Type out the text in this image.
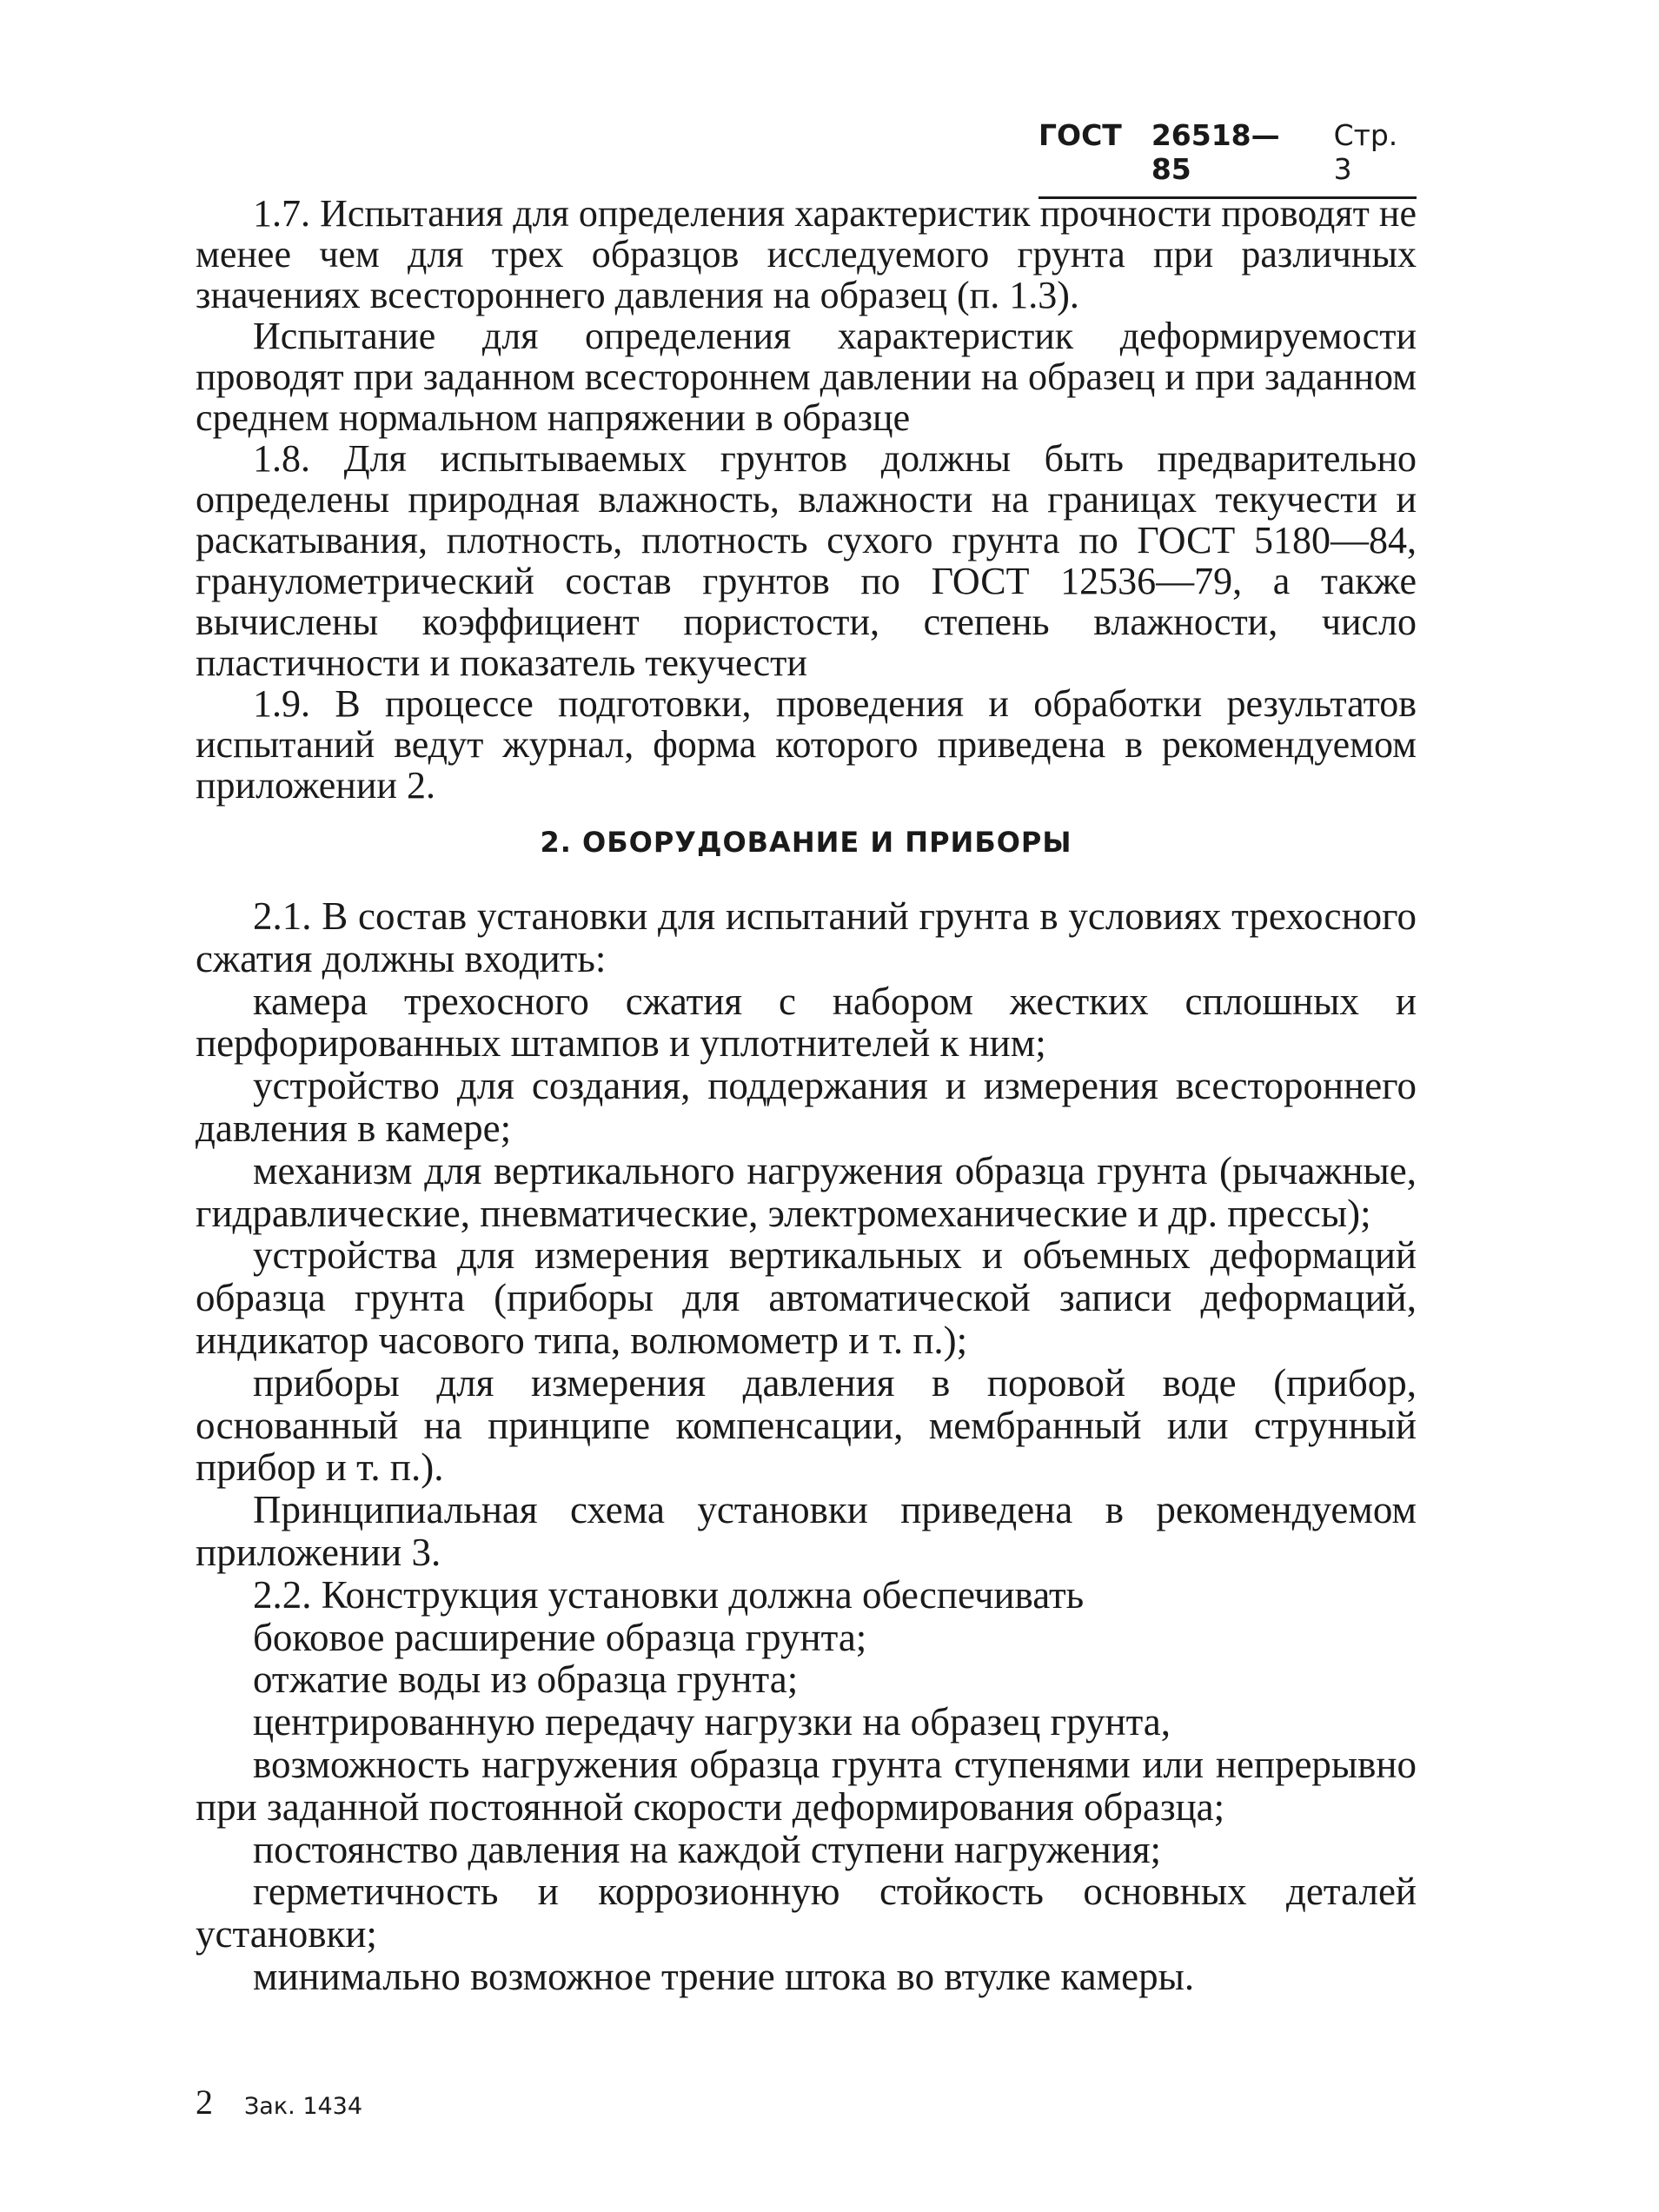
ГОСТ 26518—85
Стр. 3

1.7. Испытания для определения характеристик прочности проводят не менее чем для трех образцов исследуемого грунта при различных значениях всестороннего давления на образец (п. 1.3).

Испытание для определения характеристик деформируемости проводят при заданном всестороннем давлении на образец и при заданном среднем нормальном напряжении в образце

1.8. Для испытываемых грунтов должны быть предварительно определены природная влажность, влажности на границах текучести и раскатывания, плотность, плотность сухого грунта по ГОСТ 5180—84, гранулометрический состав грунтов по ГОСТ 12536—79, а также вычислены коэффициент пористости, степень влажности, число пластичности и показатель текучести

1.9. В процессе подготовки, проведения и обработки результатов испытаний ведут журнал, форма которого приведена в рекомендуемом приложении 2.

2. ОБОРУДОВАНИЕ И ПРИБОРЫ

2.1. В состав установки для испытаний грунта в условиях трехосного сжатия должны входить:

камера трехосного сжатия с набором жестких сплошных и перфорированных штампов и уплотнителей к ним;

устройство для создания, поддержания и измерения всестороннего давления в камере;

механизм для вертикального нагружения образца грунта (рычажные, гидравлические, пневматические, электромеханические и др. прессы);

устройства для измерения вертикальных и объемных деформаций образца грунта (приборы для автоматической записи деформаций, индикатор часового типа, волюмометр и т. п.);

приборы для измерения давления в поровой воде (прибор, основанный на принципе компенсации, мембранный или струнный прибор и т. п.).

Принципиальная схема установки приведена в рекомендуемом приложении 3.

2.2. Конструкция установки должна обеспечивать

боковое расширение образца грунта;

отжатие воды из образца грунта;

центрированную передачу нагрузки на образец грунта,

возможность нагружения образца грунта ступенями или непрерывно при заданной постоянной скорости деформирования образца;

постоянство давления на каждой ступени нагружения;

герметичность и коррозионную стойкость основных деталей установки;

минимально возможное трение штока во втулке камеры.

2 Зак. 1434
